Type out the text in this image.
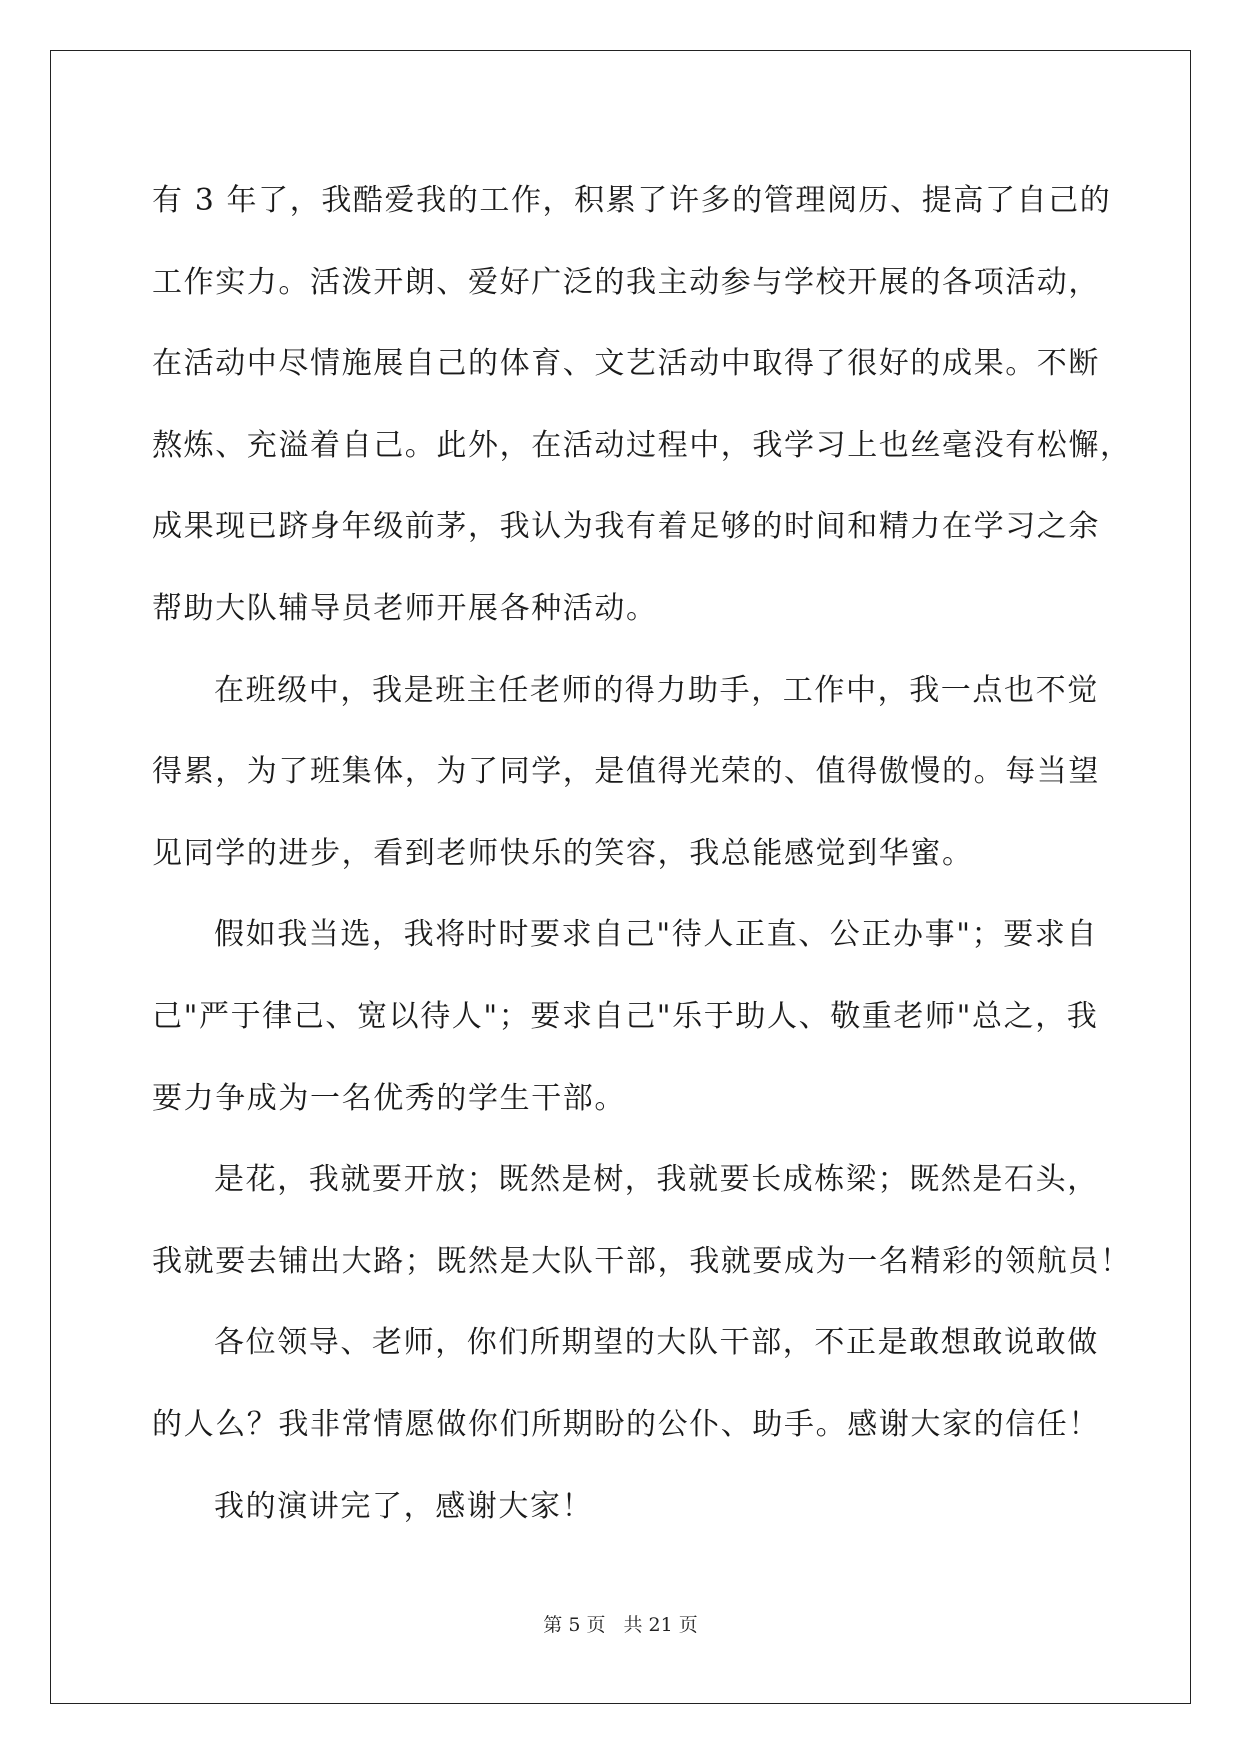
有 3 年了，我酷爱我的工作，积累了许多的管理阅历、提高了自己的
工作实力。活泼开朗、爱好广泛的我主动参与学校开展的各项活动，
在活动中尽情施展自己的体育、文艺活动中取得了很好的成果。不断
熬炼、充溢着自己。此外，在活动过程中，我学习上也丝毫没有松懈，
成果现已跻身年级前茅，我认为我有着足够的时间和精力在学习之余
帮助大队辅导员老师开展各种活动。
在班级中，我是班主任老师的得力助手，工作中，我一点也不觉
得累，为了班集体，为了同学，是值得光荣的、值得傲慢的。每当望
见同学的进步，看到老师快乐的笑容，我总能感觉到华蜜。
假如我当选，我将时时要求自己"待人正直、公正办事"；要求自
己"严于律己、宽以待人"；要求自己"乐于助人、敬重老师"总之，我
要力争成为一名优秀的学生干部。
是花，我就要开放；既然是树，我就要长成栋梁；既然是石头，
我就要去铺出大路；既然是大队干部，我就要成为一名精彩的领航员！
各位领导、老师，你们所期望的大队干部，不正是敢想敢说敢做
的人么？我非常情愿做你们所期盼的公仆、助手。感谢大家的信任！
我的演讲完了，感谢大家！
第 5 页 共 21 页
